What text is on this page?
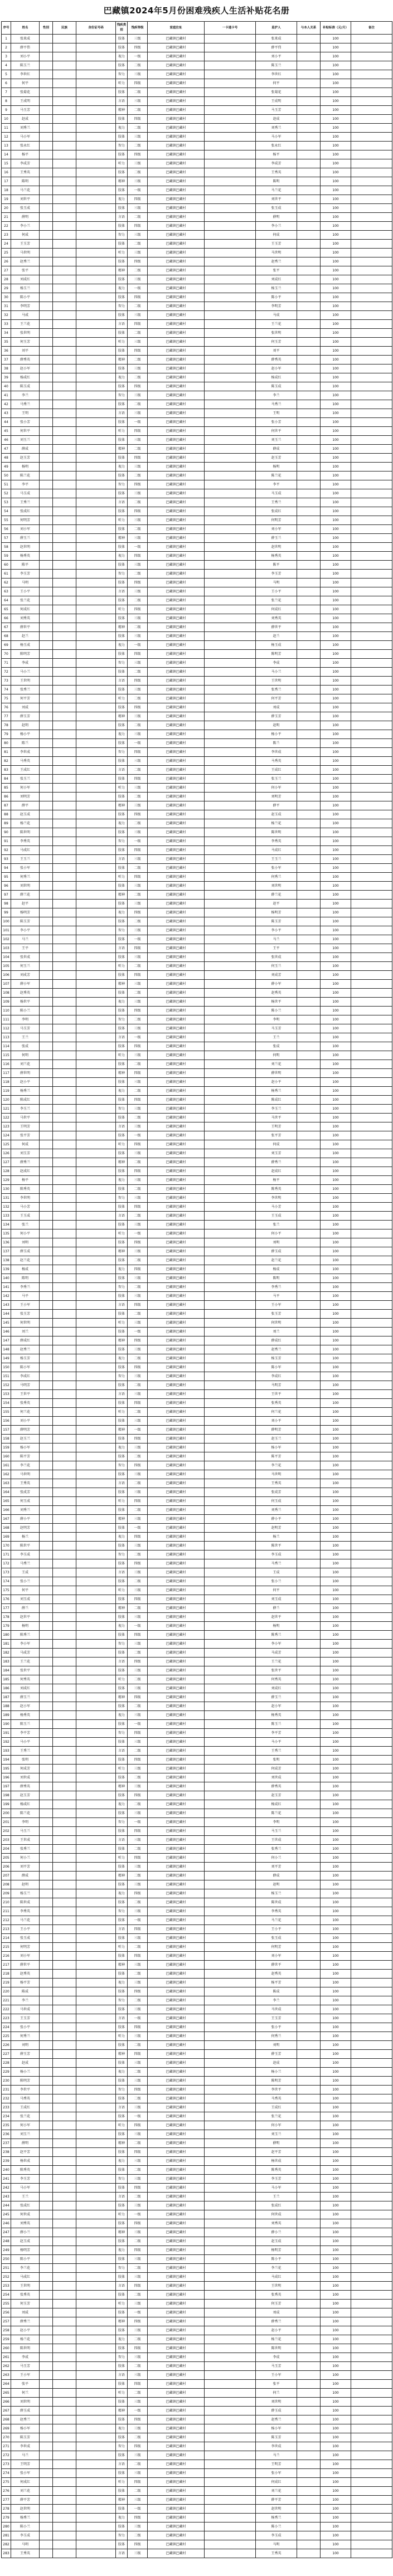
巴藏镇2024年5月份困难残疾人生活补贴花名册
序号	姓名	性别	民族	身份证号码	残疾类别	残疾等级	家庭住址	一卡通卡号	监护人	与本人关系	补贴标准（元/月）	备注
1	张来成				肢体	三级	巴藏镇巴藏村		张来成		100	
2	薛平伟				肢体	四级	巴藏镇巴藏村		薛平伟		100	
3	刘小平				视力	一级	巴藏镇巴藏村		刘小平		100	
4	陈玉兰				肢体	二级	巴藏镇巴藏村		陈玉兰		100	
5	李世红				智力	三级	巴藏镇巴藏村		李世红		100	
6	何平				听力	四级	巴藏镇巴藏村		何平		100	
7	张菊花				肢体	二级	巴藏镇巴藏村		张菊花		100	
8	王成明				言语	三级	巴藏镇巴藏村		王成明		100	
9	马玉芳				精神	二级	巴藏镇巴藏村		马玉芳		100	
10	赵成				肢体	四级	巴藏镇巴藏村		赵成		100	
11	刘秀兰				视力	二级	巴藏镇巴藏村		刘秀兰		100	
12	马小军				肢体	三级	巴藏镇巴藏村		马小军		100	
13	张永红				智力	二级	巴藏镇巴藏村		张永红		100	
14	杨平				肢体	四级	巴藏镇巴藏村		杨平		100	
15	李成芳				听力	三级	巴藏镇巴藏村		李成芳		100	
16	王秀英				肢体	二级	巴藏镇巴藏村		王秀英		100	
17	陈明				精神	三级	巴藏镇巴藏村		陈明		100	
18	马兰花				肢体	一级	巴藏镇巴藏村		马兰花		100	
19	刘世平				视力	四级	巴藏镇巴藏村		刘世平		100	
20	张玉成				肢体	三级	巴藏镇巴藏村		张玉成		100	
21	薛明				言语	二级	巴藏镇巴藏村		薛明		100	
22	李小兰				肢体	四级	巴藏镇巴藏村		李小兰		100	
23	何成				智力	三级	巴藏镇巴藏村		何成		100	
24	王玉芳				肢体	二级	巴藏镇巴藏村		王玉芳		100	
25	马世明				听力	三级	巴藏镇巴藏村		马世明		100	
26	赵秀兰				肢体	四级	巴藏镇巴藏村		赵秀兰		100	
27	张平				精神	二级	巴藏镇巴藏村		张平		100	
28	刘成红				肢体	三级	巴藏镇巴藏村		刘成红		100	
29	杨玉兰				视力	一级	巴藏镇巴藏村		杨玉兰		100	
30	陈小平				肢体	四级	巴藏镇巴藏村		陈小平		100	
31	李明芳				智力	二级	巴藏镇巴藏村		李明芳		100	
32	马成				肢体	三级	巴藏镇巴藏村		马成		100	
33	王兰花				言语	四级	巴藏镇巴藏村		王兰花		100	
34	张世明				肢体	二级	巴藏镇巴藏村		张世明		100	
35	何玉芳				听力	三级	巴藏镇巴藏村		何玉芳		100	
36	刘平				肢体	四级	巴藏镇巴藏村		刘平		100	
37	薛秀英				精神	二级	巴藏镇巴藏村		薛秀英		100	
38	赵小军				肢体	三级	巴藏镇巴藏村		赵小军		100	
39	杨成红				视力	二级	巴藏镇巴藏村		杨成红		100	
40	陈玉成				肢体	四级	巴藏镇巴藏村		陈玉成		100	
41	李兰				智力	三级	巴藏镇巴藏村		李兰		100	
42	马秀兰				肢体	二级	巴藏镇巴藏村		马秀兰		100	
43	王明				言语	三级	巴藏镇巴藏村		王明		100	
44	张小芳				肢体	一级	巴藏镇巴藏村		张小芳		100	
45	何世平				听力	四级	巴藏镇巴藏村		何世平		100	
46	刘玉兰				肢体	三级	巴藏镇巴藏村		刘玉兰		100	
47	薛成				精神	二级	巴藏镇巴藏村		薛成		100	
48	赵玉芳				肢体	四级	巴藏镇巴藏村		赵玉芳		100	
49	杨明				视力	三级	巴藏镇巴藏村		杨明		100	
50	陈兰花				肢体	二级	巴藏镇巴藏村		陈兰花		100	
51	李平				智力	四级	巴藏镇巴藏村		李平		100	
52	马玉成				肢体	三级	巴藏镇巴藏村		马玉成		100	
53	王秀兰				言语	二级	巴藏镇巴藏村		王秀兰		100	
54	张成红				肢体	四级	巴藏镇巴藏村		张成红		100	
55	何明芳				听力	三级	巴藏镇巴藏村		何明芳		100	
56	刘小军				肢体	二级	巴藏镇巴藏村		刘小军		100	
57	薛玉兰				精神	三级	巴藏镇巴藏村		薛玉兰		100	
58	赵世明				肢体	一级	巴藏镇巴藏村		赵世明		100	
59	杨秀英				视力	四级	巴藏镇巴藏村		杨秀英		100	
60	陈平				肢体	三级	巴藏镇巴藏村		陈平		100	
61	李玉芳				智力	二级	巴藏镇巴藏村		李玉芳		100	
62	马明				肢体	四级	巴藏镇巴藏村		马明		100	
63	王小平				言语	三级	巴藏镇巴藏村		王小平		100	
64	张兰花				肢体	二级	巴藏镇巴藏村		张兰花		100	
65	何成红				听力	四级	巴藏镇巴藏村		何成红		100	
66	刘秀英				肢体	三级	巴藏镇巴藏村		刘秀英		100	
67	薛世平				精神	二级	巴藏镇巴藏村		薛世平		100	
68	赵兰				肢体	三级	巴藏镇巴藏村		赵兰		100	
69	杨玉成				视力	一级	巴藏镇巴藏村		杨玉成		100	
70	陈明芳				肢体	四级	巴藏镇巴藏村		陈明芳		100	
71	李成				智力	三级	巴藏镇巴藏村		李成		100	
72	马小兰				肢体	二级	巴藏镇巴藏村		马小兰		100	
73	王世明				言语	四级	巴藏镇巴藏村		王世明		100	
74	张秀兰				肢体	三级	巴藏镇巴藏村		张秀兰		100	
75	何平芳				听力	二级	巴藏镇巴藏村		何平芳		100	
76	刘成				肢体	四级	巴藏镇巴藏村		刘成		100	
77	薛玉芳				精神	三级	巴藏镇巴藏村		薛玉芳		100	
78	赵明				肢体	二级	巴藏镇巴藏村		赵明		100	
79	杨小平				视力	三级	巴藏镇巴藏村		杨小平		100	
80	陈兰				肢体	一级	巴藏镇巴藏村		陈兰		100	
81	李世成				智力	四级	巴藏镇巴藏村		李世成		100	
82	马秀英				肢体	三级	巴藏镇巴藏村		马秀英		100	
83	王成红				言语	二级	巴藏镇巴藏村		王成红		100	
84	张玉兰				肢体	四级	巴藏镇巴藏村		张玉兰		100	
85	何小军				听力	三级	巴藏镇巴藏村		何小军		100	
86	刘明芳				肢体	二级	巴藏镇巴藏村		刘明芳		100	
87	薛平				精神	三级	巴藏镇巴藏村		薛平		100	
88	赵玉成				肢体	四级	巴藏镇巴藏村		赵玉成		100	
89	杨兰花				视力	二级	巴藏镇巴藏村		杨兰花		100	
90	陈世明				肢体	三级	巴藏镇巴藏村		陈世明		100	
91	李秀英				智力	一级	巴藏镇巴藏村		李秀英		100	
92	马成红				肢体	四级	巴藏镇巴藏村		马成红		100	
93	王玉兰				言语	三级	巴藏镇巴藏村		王玉兰		100	
94	张小军				肢体	二级	巴藏镇巴藏村		张小军		100	
95	何秀兰				听力	四级	巴藏镇巴藏村		何秀兰		100	
96	刘世明				肢体	三级	巴藏镇巴藏村		刘世明		100	
97	薛兰花				精神	二级	巴藏镇巴藏村		薛兰花		100	
98	赵平				肢体	三级	巴藏镇巴藏村		赵平		100	
99	杨明芳				视力	四级	巴藏镇巴藏村		杨明芳		100	
100	陈玉芳				肢体	二级	巴藏镇巴藏村		陈玉芳		100	
101	李小平				智力	三级	巴藏镇巴藏村		李小平		100	
102	马兰				肢体	一级	巴藏镇巴藏村		马兰		100	
103	王平				言语	四级	巴藏镇巴藏村		王平		100	
104	张世成				肢体	三级	巴藏镇巴藏村		张世成		100	
105	何玉兰				听力	二级	巴藏镇巴藏村		何玉兰		100	
106	刘成芳				肢体	四级	巴藏镇巴藏村		刘成芳		100	
107	薛小军				精神	三级	巴藏镇巴藏村		薛小军		100	
108	赵秀英				肢体	二级	巴藏镇巴藏村		赵秀英		100	
109	杨世平				视力	三级	巴藏镇巴藏村		杨世平		100	
110	陈小兰				肢体	四级	巴藏镇巴藏村		陈小兰		100	
111	李明				智力	二级	巴藏镇巴藏村		李明		100	
112	马玉芳				肢体	三级	巴藏镇巴藏村		马玉芳		100	
113	王兰				言语	一级	巴藏镇巴藏村		王兰		100	
114	张成				肢体	四级	巴藏镇巴藏村		张成		100	
115	何明				听力	三级	巴藏镇巴藏村		何明		100	
116	刘兰花				肢体	二级	巴藏镇巴藏村		刘兰花		100	
117	薛世明				精神	四级	巴藏镇巴藏村		薛世明		100	
118	赵小平				肢体	三级	巴藏镇巴藏村		赵小平		100	
119	杨秀兰				视力	二级	巴藏镇巴藏村		杨秀兰		100	
120	陈成红				肢体	四级	巴藏镇巴藏村		陈成红		100	
121	李玉兰				智力	三级	巴藏镇巴藏村		李玉兰		100	
122	马世平				肢体	二级	巴藏镇巴藏村		马世平		100	
123	王明芳				言语	三级	巴藏镇巴藏村		王明芳		100	
124	张平芳				肢体	一级	巴藏镇巴藏村		张平芳		100	
125	何成				听力	四级	巴藏镇巴藏村		何成		100	
126	刘玉芳				肢体	三级	巴藏镇巴藏村		刘玉芳		100	
127	薛秀兰				精神	二级	巴藏镇巴藏村		薛秀兰		100	
128	赵成红				肢体	四级	巴藏镇巴藏村		赵成红		100	
129	杨平				视力	三级	巴藏镇巴藏村		杨平		100	
130	陈秀英				肢体	二级	巴藏镇巴藏村		陈秀英		100	
131	李世明				智力	三级	巴藏镇巴藏村		李世明		100	
132	马小芳				肢体	四级	巴藏镇巴藏村		马小芳		100	
133	王玉成				言语	二级	巴藏镇巴藏村		王玉成		100	
134	张兰				肢体	三级	巴藏镇巴藏村		张兰		100	
135	何小平				听力	一级	巴藏镇巴藏村		何小平		100	
136	刘明				肢体	四级	巴藏镇巴藏村		刘明		100	
137	薛玉成				精神	三级	巴藏镇巴藏村		薛玉成		100	
138	赵兰花				肢体	二级	巴藏镇巴藏村		赵兰花		100	
139	杨成				视力	四级	巴藏镇巴藏村		杨成		100	
140	陈明				肢体	三级	巴藏镇巴藏村		陈明		100	
141	李秀兰				智力	二级	巴藏镇巴藏村		李秀兰		100	
142	马平				肢体	三级	巴藏镇巴藏村		马平		100	
143	王小军				言语	四级	巴藏镇巴藏村		王小军		100	
144	张玉芳				肢体	二级	巴藏镇巴藏村		张玉芳		100	
145	何世明				听力	三级	巴藏镇巴藏村		何世明		100	
146	刘兰				肢体	一级	巴藏镇巴藏村		刘兰		100	
147	薛成红				精神	四级	巴藏镇巴藏村		薛成红		100	
148	赵秀兰				肢体	三级	巴藏镇巴藏村		赵秀兰		100	
149	杨玉芳				视力	二级	巴藏镇巴藏村		杨玉芳		100	
150	陈小军				肢体	四级	巴藏镇巴藏村		陈小军		100	
151	李成红				智力	三级	巴藏镇巴藏村		李成红		100	
152	马明芳				肢体	二级	巴藏镇巴藏村		马明芳		100	
153	王世平				言语	三级	巴藏镇巴藏村		王世平		100	
154	张秀英				肢体	四级	巴藏镇巴藏村		张秀英		100	
155	何兰花				听力	二级	巴藏镇巴藏村		何兰花		100	
156	刘小平				肢体	三级	巴藏镇巴藏村		刘小平		100	
157	薛明芳				精神	一级	巴藏镇巴藏村		薛明芳		100	
158	赵玉兰				肢体	四级	巴藏镇巴藏村		赵玉兰		100	
159	杨小军				视力	三级	巴藏镇巴藏村		杨小军		100	
160	陈平芳				肢体	二级	巴藏镇巴藏村		陈平芳		100	
161	李兰花				智力	四级	巴藏镇巴藏村		李兰花		100	
162	马世明				肢体	三级	巴藏镇巴藏村		马世明		100	
163	王秀英				言语	二级	巴藏镇巴藏村		王秀英		100	
164	张成芳				肢体	三级	巴藏镇巴藏村		张成芳		100	
165	何玉成				听力	四级	巴藏镇巴藏村		何玉成		100	
166	刘秀兰				肢体	二级	巴藏镇巴藏村		刘秀兰		100	
167	薛小平				精神	三级	巴藏镇巴藏村		薛小平		100	
168	赵明芳				肢体	一级	巴藏镇巴藏村		赵明芳		100	
169	杨兰				视力	四级	巴藏镇巴藏村		杨兰		100	
170	陈世平				肢体	三级	巴藏镇巴藏村		陈世平		100	
171	李玉成				智力	二级	巴藏镇巴藏村		李玉成		100	
172	马秀兰				肢体	四级	巴藏镇巴藏村		马秀兰		100	
173	王成				言语	三级	巴藏镇巴藏村		王成		100	
174	张小兰				肢体	二级	巴藏镇巴藏村		张小兰		100	
175	何平				听力	三级	巴藏镇巴藏村		何平		100	
176	刘玉成				肢体	四级	巴藏镇巴藏村		刘玉成		100	
177	薛兰				精神	二级	巴藏镇巴藏村		薛兰		100	
178	赵世平				肢体	三级	巴藏镇巴藏村		赵世平		100	
179	杨明				视力	一级	巴藏镇巴藏村		杨明		100	
180	陈秀兰				肢体	四级	巴藏镇巴藏村		陈秀兰		100	
181	李小军				智力	三级	巴藏镇巴藏村		李小军		100	
182	马成芳				肢体	二级	巴藏镇巴藏村		马成芳		100	
183	王兰花				言语	四级	巴藏镇巴藏村		王兰花		100	
184	张世平				肢体	三级	巴藏镇巴藏村		张世平		100	
185	何秀英				听力	二级	巴藏镇巴藏村		何秀英		100	
186	刘成红				肢体	三级	巴藏镇巴藏村		刘成红		100	
187	薛玉兰				精神	四级	巴藏镇巴藏村		薛玉兰		100	
188	赵小军				肢体	二级	巴藏镇巴藏村		赵小军		100	
189	杨秀英				视力	三级	巴藏镇巴藏村		杨秀英		100	
190	陈玉兰				肢体	一级	巴藏镇巴藏村		陈玉兰		100	
191	李平芳				智力	四级	巴藏镇巴藏村		李平芳		100	
192	马小平				肢体	三级	巴藏镇巴藏村		马小平		100	
193	王秀兰				言语	二级	巴藏镇巴藏村		王秀兰		100	
194	张明				肢体	四级	巴藏镇巴藏村		张明		100	
195	何成芳				听力	三级	巴藏镇巴藏村		何成芳		100	
196	刘世成				肢体	二级	巴藏镇巴藏村		刘世成		100	
197	薛秀英				精神	三级	巴藏镇巴藏村		薛秀英		100	
198	赵玉芳				肢体	四级	巴藏镇巴藏村		赵玉芳		100	
199	杨成红				视力	二级	巴藏镇巴藏村		杨成红		100	
200	陈兰花				肢体	三级	巴藏镇巴藏村		陈兰花		100	
201	李明				智力	一级	巴藏镇巴藏村		李明		100	
202	马玉兰				肢体	四级	巴藏镇巴藏村		马玉兰		100	
203	王世成				言语	三级	巴藏镇巴藏村		王世成		100	
204	张秀兰				肢体	二级	巴藏镇巴藏村		张秀兰		100	
205	何小兰				听力	四级	巴藏镇巴藏村		何小兰		100	
206	刘平芳				肢体	三级	巴藏镇巴藏村		刘平芳		100	
207	薛成				精神	二级	巴藏镇巴藏村		薛成		100	
208	赵明				肢体	三级	巴藏镇巴藏村		赵明		100	
209	杨玉兰				视力	四级	巴藏镇巴藏村		杨玉兰		100	
210	陈世成				肢体	二级	巴藏镇巴藏村		陈世成		100	
211	李秀英				智力	三级	巴藏镇巴藏村		李秀英		100	
212	马兰花				肢体	一级	巴藏镇巴藏村		马兰花		100	
213	王小平				言语	四级	巴藏镇巴藏村		王小平		100	
214	张玉成				肢体	三级	巴藏镇巴藏村		张玉成		100	
215	何明芳				听力	二级	巴藏镇巴藏村		何明芳		100	
216	刘小军				肢体	四级	巴藏镇巴藏村		刘小军		100	
217	薛世平				精神	三级	巴藏镇巴藏村		薛世平		100	
218	赵秀英				肢体	二级	巴藏镇巴藏村		赵秀英		100	
219	杨平芳				视力	三级	巴藏镇巴藏村		杨平芳		100	
220	陈成				肢体	四级	巴藏镇巴藏村		陈成		100	
221	李兰				智力	二级	巴藏镇巴藏村		李兰		100	
222	马世成				肢体	三级	巴藏镇巴藏村		马世成		100	
223	王玉芳				言语	一级	巴藏镇巴藏村		王玉芳		100	
224	张小平				肢体	四级	巴藏镇巴藏村		张小平		100	
225	何秀兰				听力	三级	巴藏镇巴藏村		何秀兰		100	
226	刘明				肢体	二级	巴藏镇巴藏村		刘明		100	
227	薛玉芳				精神	四级	巴藏镇巴藏村		薛玉芳		100	
228	赵成				肢体	三级	巴藏镇巴藏村		赵成		100	
229	杨小兰				视力	二级	巴藏镇巴藏村		杨小兰		100	
230	陈明芳				肢体	三级	巴藏镇巴藏村		陈明芳		100	
231	李世平				智力	四级	巴藏镇巴藏村		李世平		100	
232	马秀英				肢体	二级	巴藏镇巴藏村		马秀英		100	
233	王成红				言语	三级	巴藏镇巴藏村		王成红		100	
234	张兰花				肢体	一级	巴藏镇巴藏村		张兰花		100	
235	何小军				听力	四级	巴藏镇巴藏村		何小军		100	
236	刘玉兰				肢体	三级	巴藏镇巴藏村		刘玉兰		100	
237	薛明				精神	二级	巴藏镇巴藏村		薛明		100	
238	赵平芳				肢体	四级	巴藏镇巴藏村		赵平芳		100	
239	杨世成				视力	三级	巴藏镇巴藏村		杨世成		100	
240	陈秀英				肢体	二级	巴藏镇巴藏村		陈秀英		100	
241	李玉芳				智力	三级	巴藏镇巴藏村		李玉芳		100	
242	马小军				肢体	四级	巴藏镇巴藏村		马小军		100	
243	王兰				言语	二级	巴藏镇巴藏村		王兰		100	
244	张成红				肢体	三级	巴藏镇巴藏村		张成红		100	
245	何世成				听力	一级	巴藏镇巴藏村		何世成		100	
246	刘秀英				肢体	四级	巴藏镇巴藏村		刘秀英		100	
247	薛小兰				精神	三级	巴藏镇巴藏村		薛小兰		100	
248	赵玉成				肢体	二级	巴藏镇巴藏村		赵玉成		100	
249	杨明芳				视力	四级	巴藏镇巴藏村		杨明芳		100	
250	陈小平				肢体	三级	巴藏镇巴藏村		陈小平		100	
251	李兰花				智力	二级	巴藏镇巴藏村		李兰花		100	
252	马成红				肢体	三级	巴藏镇巴藏村		马成红		100	
253	王世明				言语	四级	巴藏镇巴藏村		王世明		100	
254	张秀英				肢体	二级	巴藏镇巴藏村		张秀英		100	
255	何玉芳				听力	三级	巴藏镇巴藏村		何玉芳		100	
256	刘成				肢体	一级	巴藏镇巴藏村		刘成		100	
257	薛秀兰				精神	四级	巴藏镇巴藏村		薛秀兰		100	
258	赵小平				肢体	三级	巴藏镇巴藏村		赵小平		100	
259	杨兰花				视力	二级	巴藏镇巴藏村		杨兰花		100	
260	陈世明				肢体	四级	巴藏镇巴藏村		陈世明		100	
261	李成				智力	三级	巴藏镇巴藏村		李成		100	
262	马玉芳				肢体	二级	巴藏镇巴藏村		马玉芳		100	
263	王小军				言语	三级	巴藏镇巴藏村		王小军		100	
264	张平				肢体	四级	巴藏镇巴藏村		张平		100	
265	何兰				听力	二级	巴藏镇巴藏村		何兰		100	
266	刘世明				肢体	三级	巴藏镇巴藏村		刘世明		100	
267	薛玉成				精神	一级	巴藏镇巴藏村		薛玉成		100	
268	赵秀兰				肢体	四级	巴藏镇巴藏村		赵秀兰		100	
269	杨小军				视力	三级	巴藏镇巴藏村		杨小军		100	
270	陈玉芳				肢体	二级	巴藏镇巴藏村		陈玉芳		100	
271	李世成				智力	四级	巴藏镇巴藏村		李世成		100	
272	马兰				肢体	三级	巴藏镇巴藏村		马兰		100	
273	王明芳				言语	二级	巴藏镇巴藏村		王明芳		100	
274	张小军				肢体	三级	巴藏镇巴藏村		张小军		100	
275	何成红				听力	四级	巴藏镇巴藏村		何成红		100	
276	刘兰花				肢体	二级	巴藏镇巴藏村		刘兰花		100	
277	薛平芳				精神	三级	巴藏镇巴藏村		薛平芳		100	
278	赵世明				肢体	一级	巴藏镇巴藏村		赵世明		100	
279	杨秀兰				视力	四级	巴藏镇巴藏村		杨秀兰		100	
280	陈小兰				肢体	三级	巴藏镇巴藏村		陈小兰		100	
281	李玉成				智力	二级	巴藏镇巴藏村		李玉成		100	
282	马明				肢体	四级	巴藏镇巴藏村		马明		100	
283	王秀英				言语	三级	巴藏镇巴藏村		王秀英		100	
